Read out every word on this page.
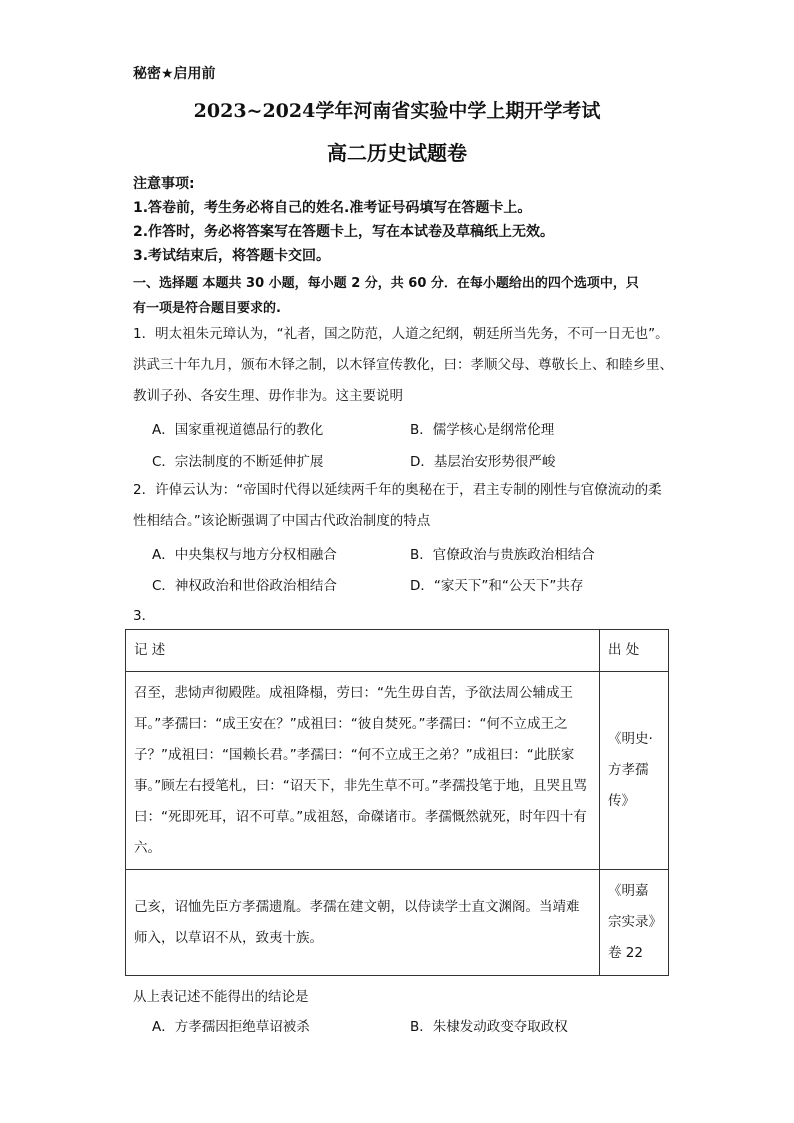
秘密★启用前
2023~2024学年河南省实验中学上期开学考试
高二历史试题卷
注意事项:
1.答卷前，考生务必将自己的姓名.准考证号码填写在答题卡上。
2.作答时，务必将答案写在答题卡上，写在本试卷及草稿纸上无效。
3.考试结束后，将答题卡交回。
一、选择题 本题共 30 小题，每小题 2 分，共 60 分．在每小题给出的四个选项中，只
有一项是符合题目要求的.
1．明太祖朱元璋认为，“礼者，国之防范，人道之纪纲，朝廷所当先务，不可一日无也”。洪武三十年九月，颁布木铎之制，以木铎宣传教化，曰：孝顺父母、尊敬长上、和睦乡里、教训子孙、各安生理、毋作非为。这主要说明
A．国家重视道德品行的教化	B．儒学核心是纲常伦理
C．宗法制度的不断延伸扩展	D．基层治安形势很严峻
2．许倬云认为：“帝国时代得以延续两千年的奥秘在于，君主专制的刚性与官僚流动的柔性相结合。”该论断强调了中国古代政治制度的特点
A．中央集权与地方分权相融合	B．官僚政治与贵族政治相结合
C．神权政治和世俗政治相结合	D．“家天下”和“公天下”共存
3．
记 述	出 处
召至，悲恸声彻殿陛。成祖降榻，劳曰：“先生毋自苦，予欲法周公辅成王耳。”孝孺曰：“成王安在？”成祖曰：“彼自焚死。”孝孺曰：“何不立成王之子？”成祖曰：“国赖长君。”孝孺曰：“何不立成王之弟？”成祖曰：“此朕家事。”顾左右授笔札，曰：“诏天下，非先生草不可。”孝孺投笔于地，且哭且骂曰：“死即死耳，诏不可草。”成祖怒，命磔诸市。孝孺慨然就死，时年四十有六。	《明史·方孝孺传》
己亥，诏恤先臣方孝孺遗胤。孝孺在建文朝，以侍读学士直文渊阁。当靖难师入，以草诏不从，致夷十族。	《明嘉宗实录》卷 22
从上表记述不能得出的结论是
A．方孝孺因拒绝草诏被杀	B．朱棣发动政变夺取政权
